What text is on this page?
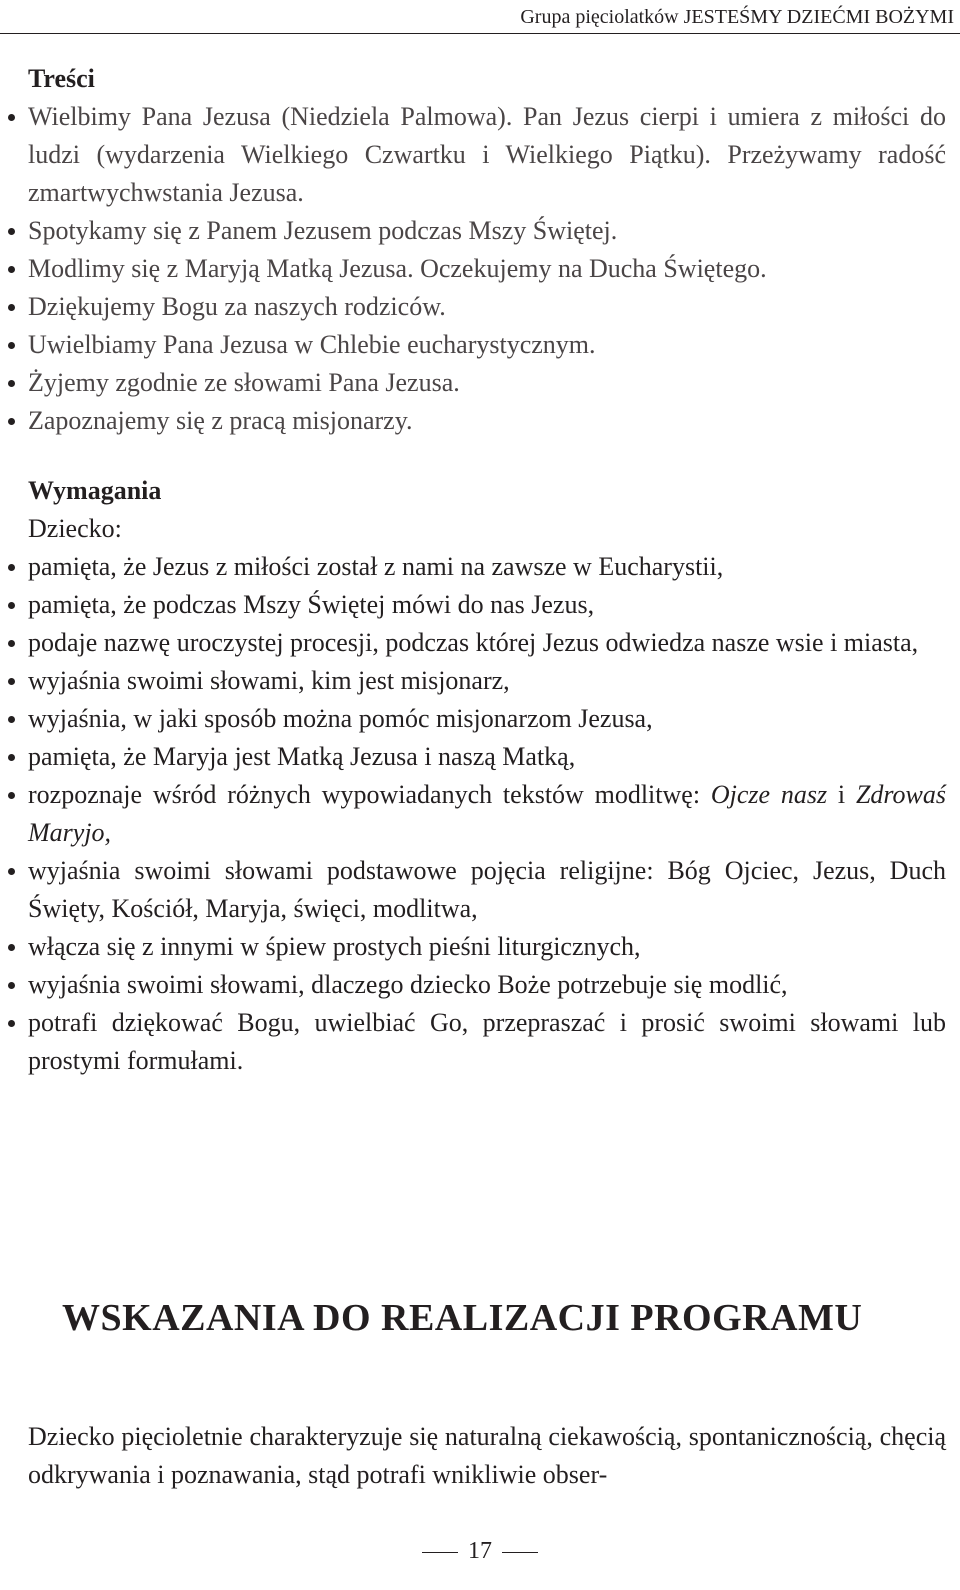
Grupa pięciolatków JESTEŚMY DZIEĆMI BOŻYMI
Treści
Wielbimy Pana Jezusa (Niedziela Palmowa). Pan Jezus cierpi i umiera z miłości do ludzi (wydarzenia Wielkiego Czwartku i Wielkiego Piątku). Przeżywamy radość zmartwychwstania Jezusa.
Spotykamy się z Panem Jezusem podczas Mszy Świętej.
Modlimy się z Maryją Matką Jezusa. Oczekujemy na Ducha Świętego.
Dziękujemy Bogu za naszych rodziców.
Uwielbiamy Pana Jezusa w Chlebie eucharystycznym.
Żyjemy zgodnie ze słowami Pana Jezusa.
Zapoznajemy się z pracą misjonarzy.
Wymagania
Dziecko:
pamięta, że Jezus z miłości został z nami na zawsze w Eucharystii,
pamięta, że podczas Mszy Świętej mówi do nas Jezus,
podaje nazwę uroczystej procesji, podczas której Jezus odwiedza nasze wsie i miasta,
wyjaśnia swoimi słowami, kim jest misjonarz,
wyjaśnia, w jaki sposób można pomóc misjonarzom Jezusa,
pamięta, że Maryja jest Matką Jezusa i naszą Matką,
rozpoznaje wśród różnych wypowiadanych tekstów modlitwę: Ojcze nasz i Zdrowaś Maryjo,
wyjaśnia swoimi słowami podstawowe pojęcia religijne: Bóg Ojciec, Jezus, Duch Święty, Kościół, Maryja, święci, modlitwa,
włącza się z innymi w śpiew prostych pieśni liturgicznych,
wyjaśnia swoimi słowami, dlaczego dziecko Boże potrzebuje się modlić,
potrafi dziękować Bogu, uwielbiać Go, przepraszać i prosić swoimi słowami lub prostymi formułami.
WSKAZANIA DO REALIZACJI PROGRAMU

Dziecko pięcioletnie charakteryzuje się naturalną ciekawością, spontanicznością, chęcią odkrywania i poznawania, stąd potrafi wnikliwie obser-

17
